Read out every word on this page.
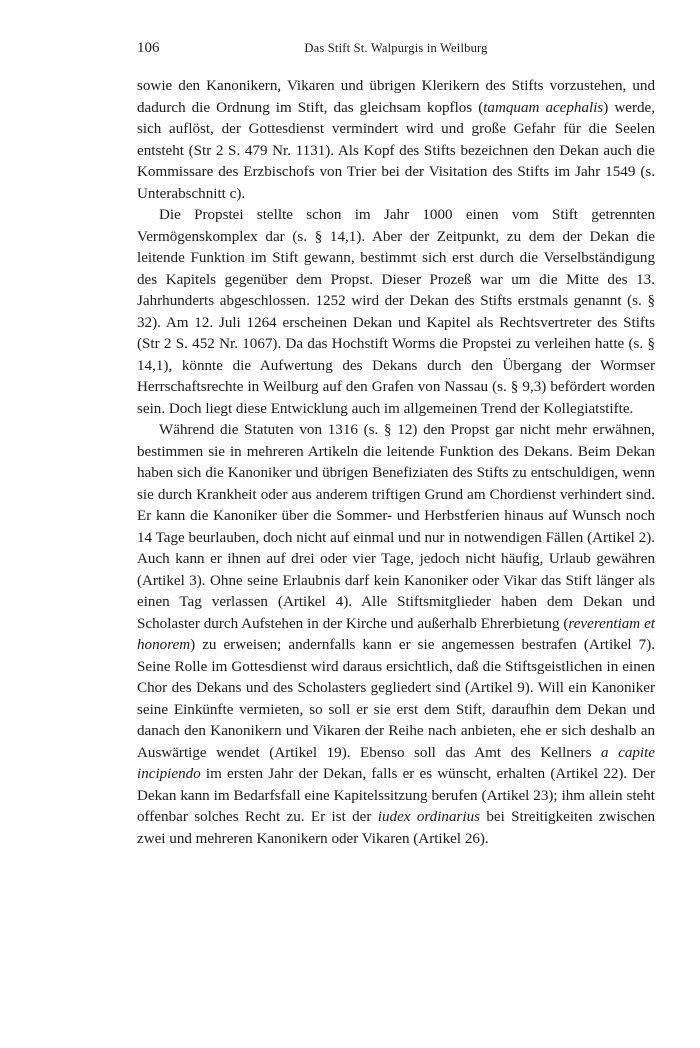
106	Das Stift St. Walpurgis in Weilburg

sowie den Kanonikern, Vikaren und übrigen Klerikern des Stifts vorzustehen, und dadurch die Ordnung im Stift, das gleichsam kopflos (tamquam acephalis) werde, sich auflöst, der Gottesdienst vermindert wird und große Gefahr für die Seelen entsteht (Str 2 S. 479 Nr. 1131). Als Kopf des Stifts bezeichnen den Dekan auch die Kommissare des Erzbischofs von Trier bei der Visitation des Stifts im Jahr 1549 (s. Unterabschnitt c).

Die Propstei stellte schon im Jahr 1000 einen vom Stift getrennten Vermögenskomplex dar (s. § 14,1). Aber der Zeitpunkt, zu dem der Dekan die leitende Funktion im Stift gewann, bestimmt sich erst durch die Verselbständigung des Kapitels gegenüber dem Propst. Dieser Prozeß war um die Mitte des 13. Jahrhunderts abgeschlossen. 1252 wird der Dekan des Stifts erstmals genannt (s. § 32). Am 12. Juli 1264 erscheinen Dekan und Kapitel als Rechtsvertreter des Stifts (Str 2 S. 452 Nr. 1067). Da das Hochstift Worms die Propstei zu verleihen hatte (s. § 14,1), könnte die Aufwertung des Dekans durch den Übergang der Wormser Herrschaftsrechte in Weilburg auf den Grafen von Nassau (s. § 9,3) befördert worden sein. Doch liegt diese Entwicklung auch im allgemeinen Trend der Kollegiatstifte.

Während die Statuten von 1316 (s. § 12) den Propst gar nicht mehr erwähnen, bestimmen sie in mehreren Artikeln die leitende Funktion des Dekans. Beim Dekan haben sich die Kanoniker und übrigen Benefiziaten des Stifts zu entschuldigen, wenn sie durch Krankheit oder aus anderem triftigen Grund am Chordienst verhindert sind. Er kann die Kanoniker über die Sommer- und Herbstferien hinaus auf Wunsch noch 14 Tage beurlauben, doch nicht auf einmal und nur in notwendigen Fällen (Artikel 2). Auch kann er ihnen auf drei oder vier Tage, jedoch nicht häufig, Urlaub gewähren (Artikel 3). Ohne seine Erlaubnis darf kein Kanoniker oder Vikar das Stift länger als einen Tag verlassen (Artikel 4). Alle Stiftsmitglieder haben dem Dekan und Scholaster durch Aufstehen in der Kirche und außerhalb Ehrerbietung (reverentiam et honorem) zu erweisen; andernfalls kann er sie angemessen bestrafen (Artikel 7). Seine Rolle im Gottesdienst wird daraus ersichtlich, daß die Stiftsgeistlichen in einen Chor des Dekans und des Scholasters gegliedert sind (Artikel 9). Will ein Kanoniker seine Einkünfte vermieten, so soll er sie erst dem Stift, daraufhin dem Dekan und danach den Kanonikern und Vikaren der Reihe nach anbieten, ehe er sich deshalb an Auswärtige wendet (Artikel 19). Ebenso soll das Amt des Kellners a capite incipiendo im ersten Jahr der Dekan, falls er es wünscht, erhalten (Artikel 22). Der Dekan kann im Bedarfsfall eine Kapitelssitzung berufen (Artikel 23); ihm allein steht offenbar solches Recht zu. Er ist der iudex ordinarius bei Streitigkeiten zwischen zwei und mehreren Kanonikern oder Vikaren (Artikel 26).
